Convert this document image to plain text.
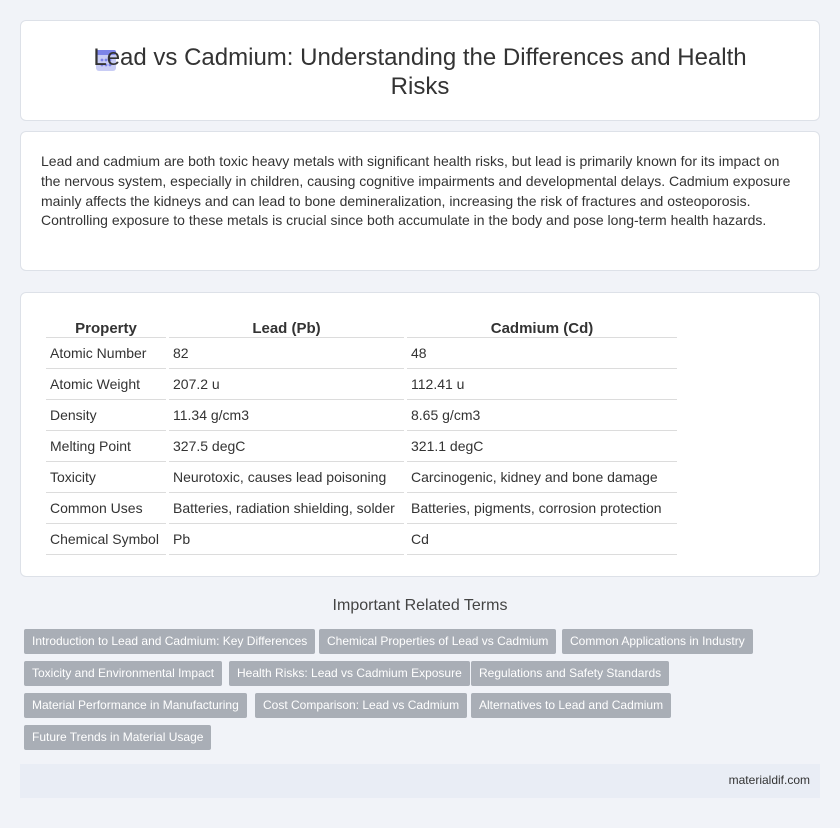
Lead vs Cadmium: Understanding the Differences and Health Risks

Lead and cadmium are both toxic heavy metals with significant health risks, but lead is primarily known for its impact on the nervous system, especially in children, causing cognitive impairments and developmental delays. Cadmium exposure mainly affects the kidneys and can lead to bone demineralization, increasing the risk of fractures and osteoporosis. Controlling exposure to these metals is crucial since both accumulate in the body and pose long-term health hazards.

Property	Lead (Pb)	Cadmium (Cd)
Atomic Number	82	48
Atomic Weight	207.2 u	112.41 u
Density	11.34 g/cm3	8.65 g/cm3
Melting Point	327.5 degC	321.1 degC
Toxicity	Neurotoxic, causes lead poisoning	Carcinogenic, kidney and bone damage
Common Uses	Batteries, radiation shielding, solder	Batteries, pigments, corrosion protection
Chemical Symbol	Pb	Cd
Important Related Terms
Introduction to Lead and Cadmium: Key Differences	Chemical Properties of Lead vs Cadmium	Common Applications in Industry
Toxicity and Environmental Impact	Health Risks: Lead vs Cadmium Exposure	Regulations and Safety Standards
Material Performance in Manufacturing	Cost Comparison: Lead vs Cadmium	Alternatives to Lead and Cadmium
Future Trends in Material Usage
materialdif.com
